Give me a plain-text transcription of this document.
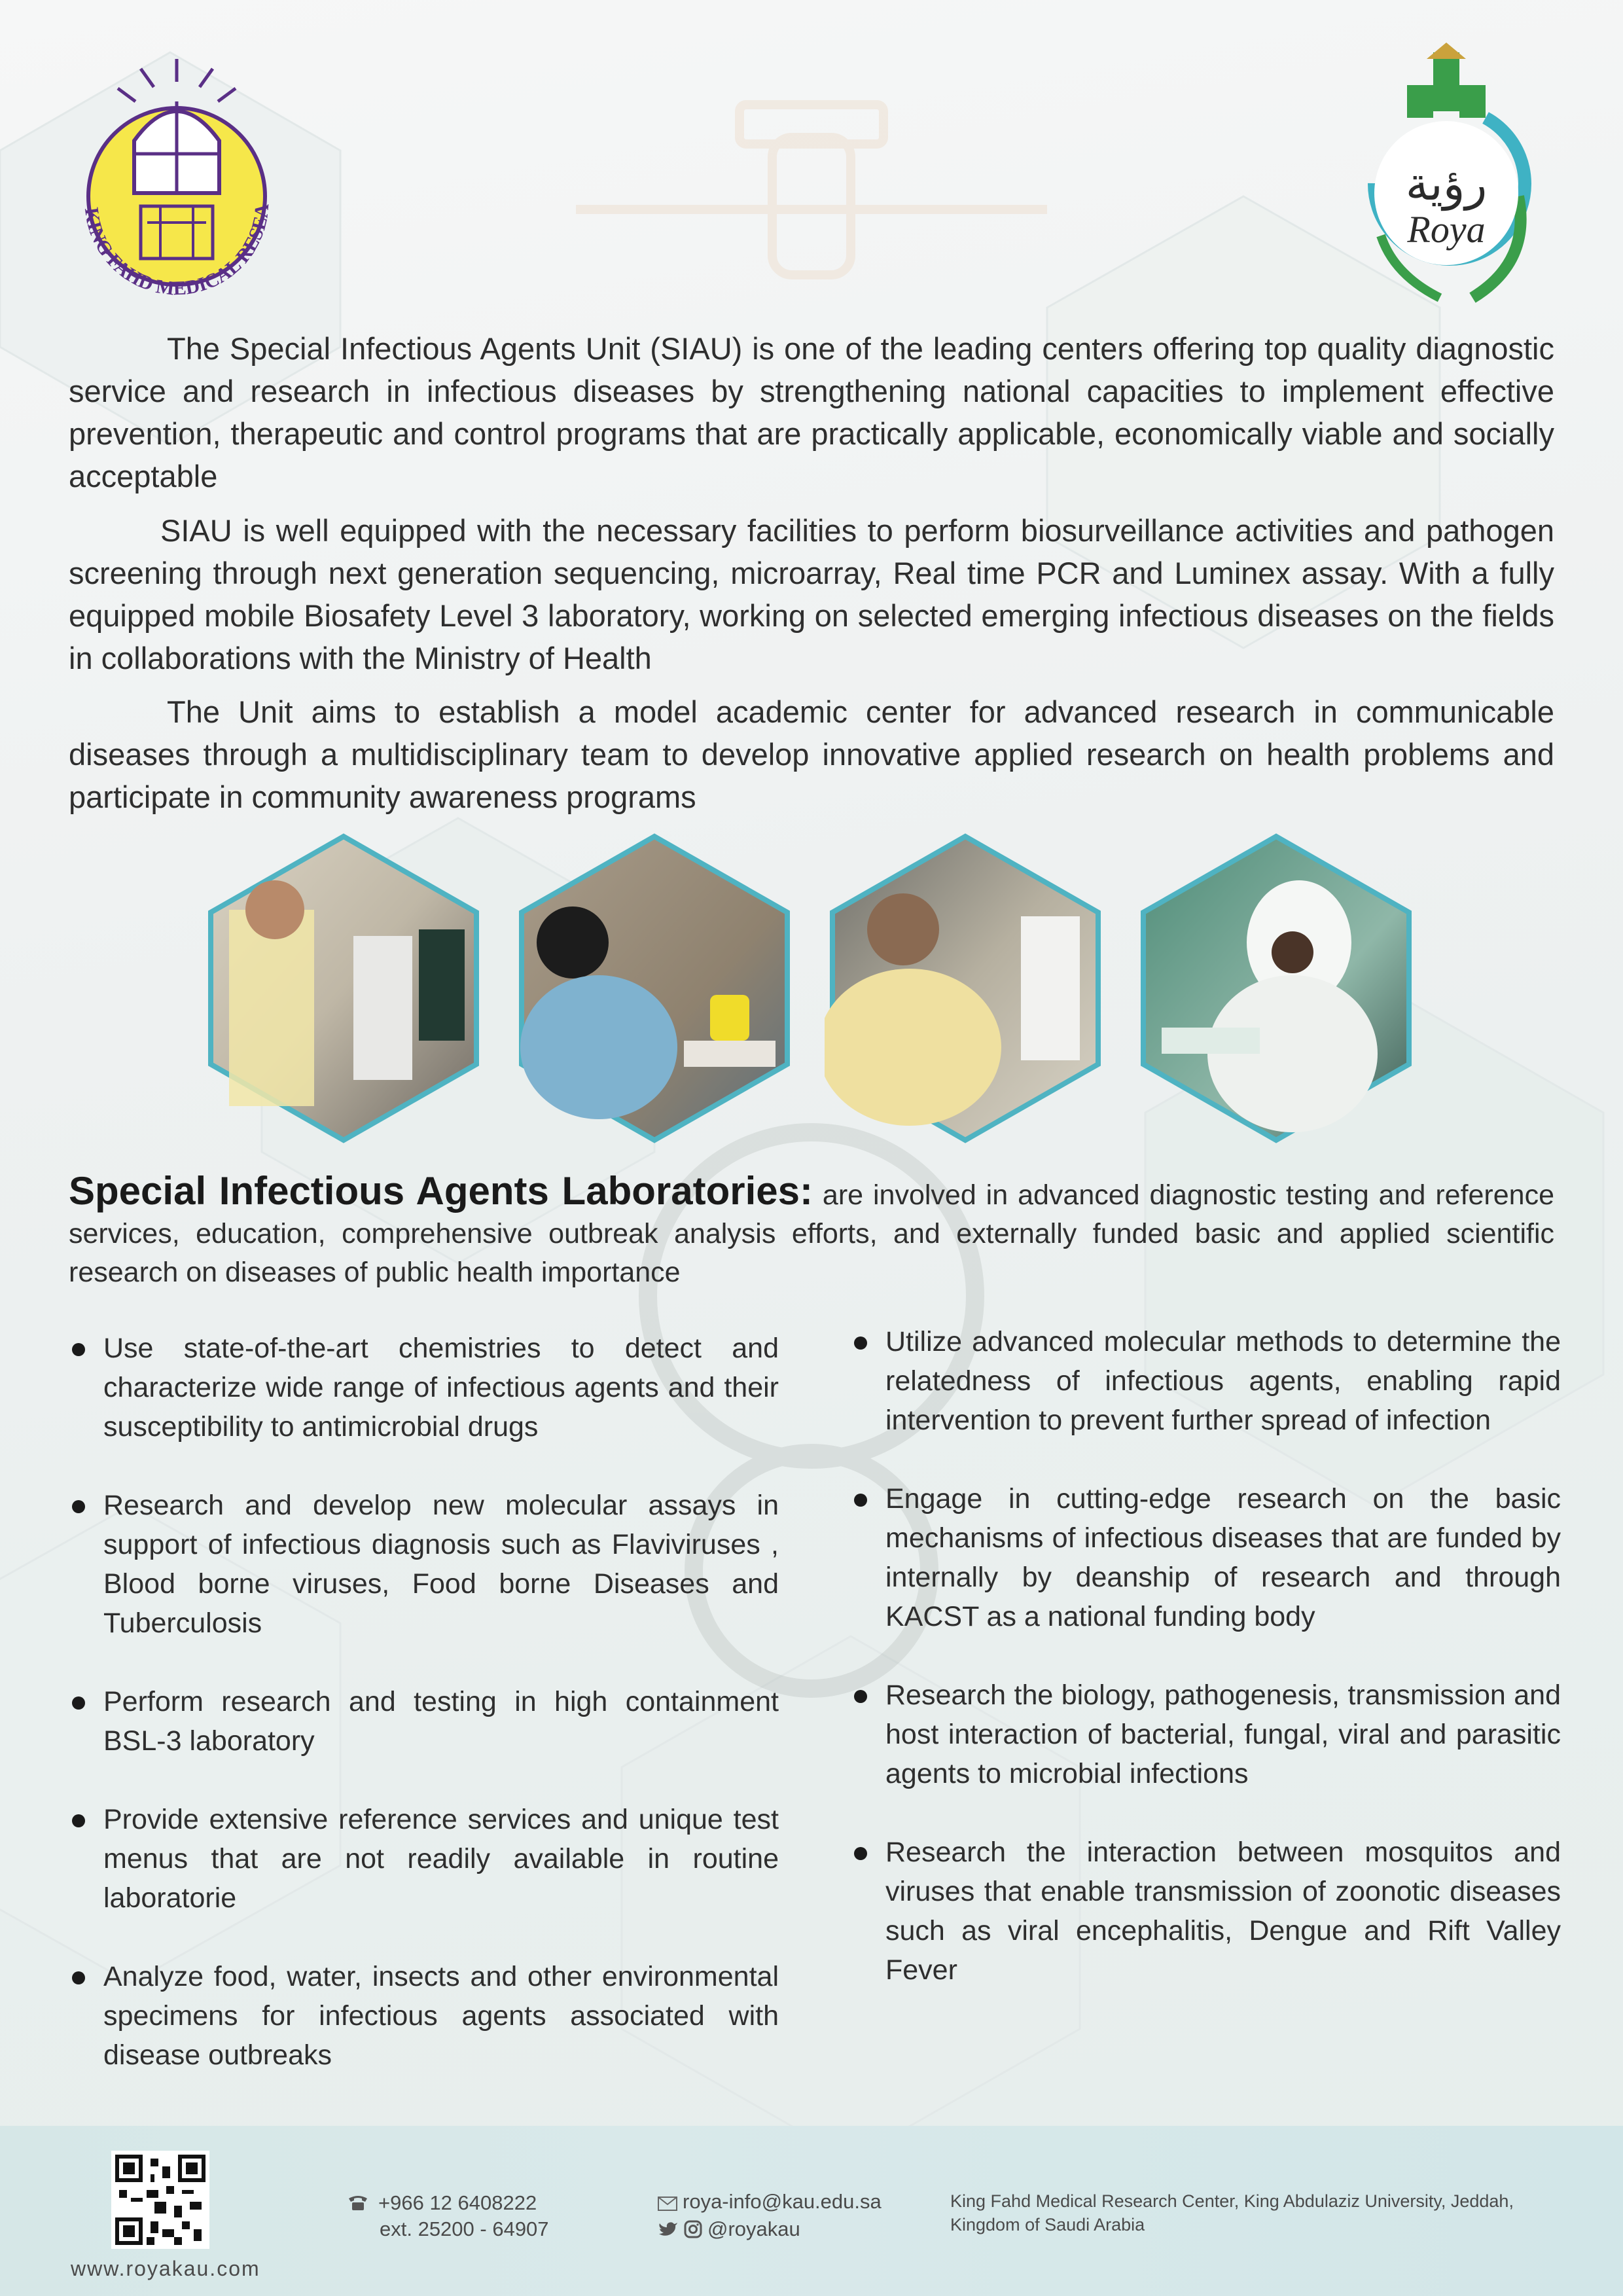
KING FAHD MEDICAL RESEA	رؤية
Roya

The Special Infectious Agents Unit (SIAU) is one of the leading centers offering top quality diagnostic service and research in infectious diseases by strengthening national capacities to implement effective prevention, therapeutic and control programs that are practically applicable, economically viable and socially acceptable

SIAU is well equipped with the necessary facilities to perform biosurveillance activities and pathogen screening through next generation sequencing, microarray, Real time PCR and Luminex assay. With a fully equipped mobile Biosafety Level 3 laboratory, working on selected emerging infectious diseases on the fields in collaborations with the Ministry of Health

The Unit aims to establish a model academic center for advanced research in communicable diseases through a multidisciplinary team to develop innovative applied research on health problems and participate in community awareness programs

Special Infectious Agents Laboratories: are involved in advanced diagnostic testing and reference services, education, comprehensive outbreak analysis efforts, and externally funded basic and applied scientific research on diseases of public health importance

Use state-of-the-art chemistries to detect and characterize wide range of infectious agents and their susceptibility to antimicrobial drugs
Research and develop new molecular assays in support of infectious diagnosis such as Flaviviruses , Blood borne viruses, Food borne Diseases and Tuberculosis
Perform research and testing in high containment BSL-3 laboratory
Provide extensive reference services and unique test menus that are not readily available in routine laboratorie
Analyze food, water, insects and other environmental specimens for infectious agents associated with disease outbreaks
Utilize advanced molecular methods to determine the relatedness of infectious agents, enabling rapid intervention to prevent further spread of infection
Engage in cutting-edge research on the basic mechanisms of infectious diseases that are funded by internally by deanship of research and through KACST as a national funding body
Research the biology, pathogenesis, transmission and host interaction of bacterial, fungal, viral and parasitic agents to microbial infections
Research the interaction between mosquitos and viruses that enable transmission of zoonotic diseases such as viral encephalitis, Dengue and Rift Valley Fever
www.royakau.com
+966 12 6408222
ext. 25200 - 64907
roya-info@kau.edu.sa
@royakau
King Fahd Medical Research Center, King Abdulaziz University, Jeddah, Kingdom of Saudi Arabia
